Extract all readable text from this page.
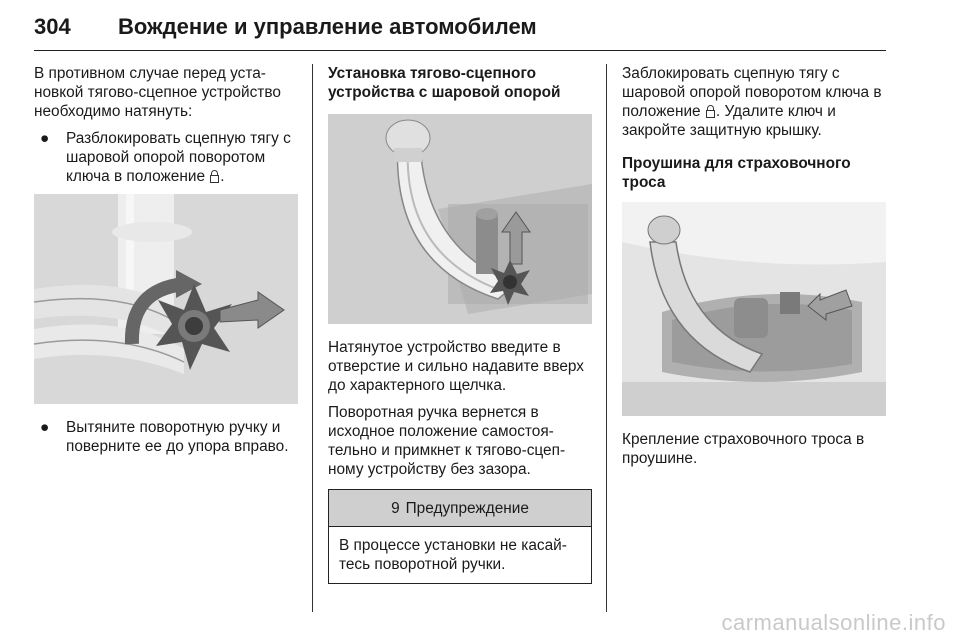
304 Вождение и управление автомобилем

В противном случае перед уста-новкой тягово-сцепное устройство необходимо натянуть:

● Разблокировать сцепную тягу с шаровой опорой поворотом ключа в положение .
● Вытяните поворотную ручку и поверните ее до упора вправо.
Установка тягово-сцепного устройства с шаровой опорой

Натянутое устройство введите в отверстие и сильно надавите вверх до характерного щелчка.

Поворотная ручка вернется в исходное положение самостоя-тельно и примкнет к тягово-сцеп-ному устройству без зазора.

9 Предупреждение
В процессе установки не касай-тесь поворотной ручки.

Заблокировать сцепную тягу с шаровой опорой поворотом ключа в положение . Удалите ключ и закройте защитную крышку.

Проушина для страховочного троса

Крепление страховочного троса в проушине.

carmanualsonline.info
